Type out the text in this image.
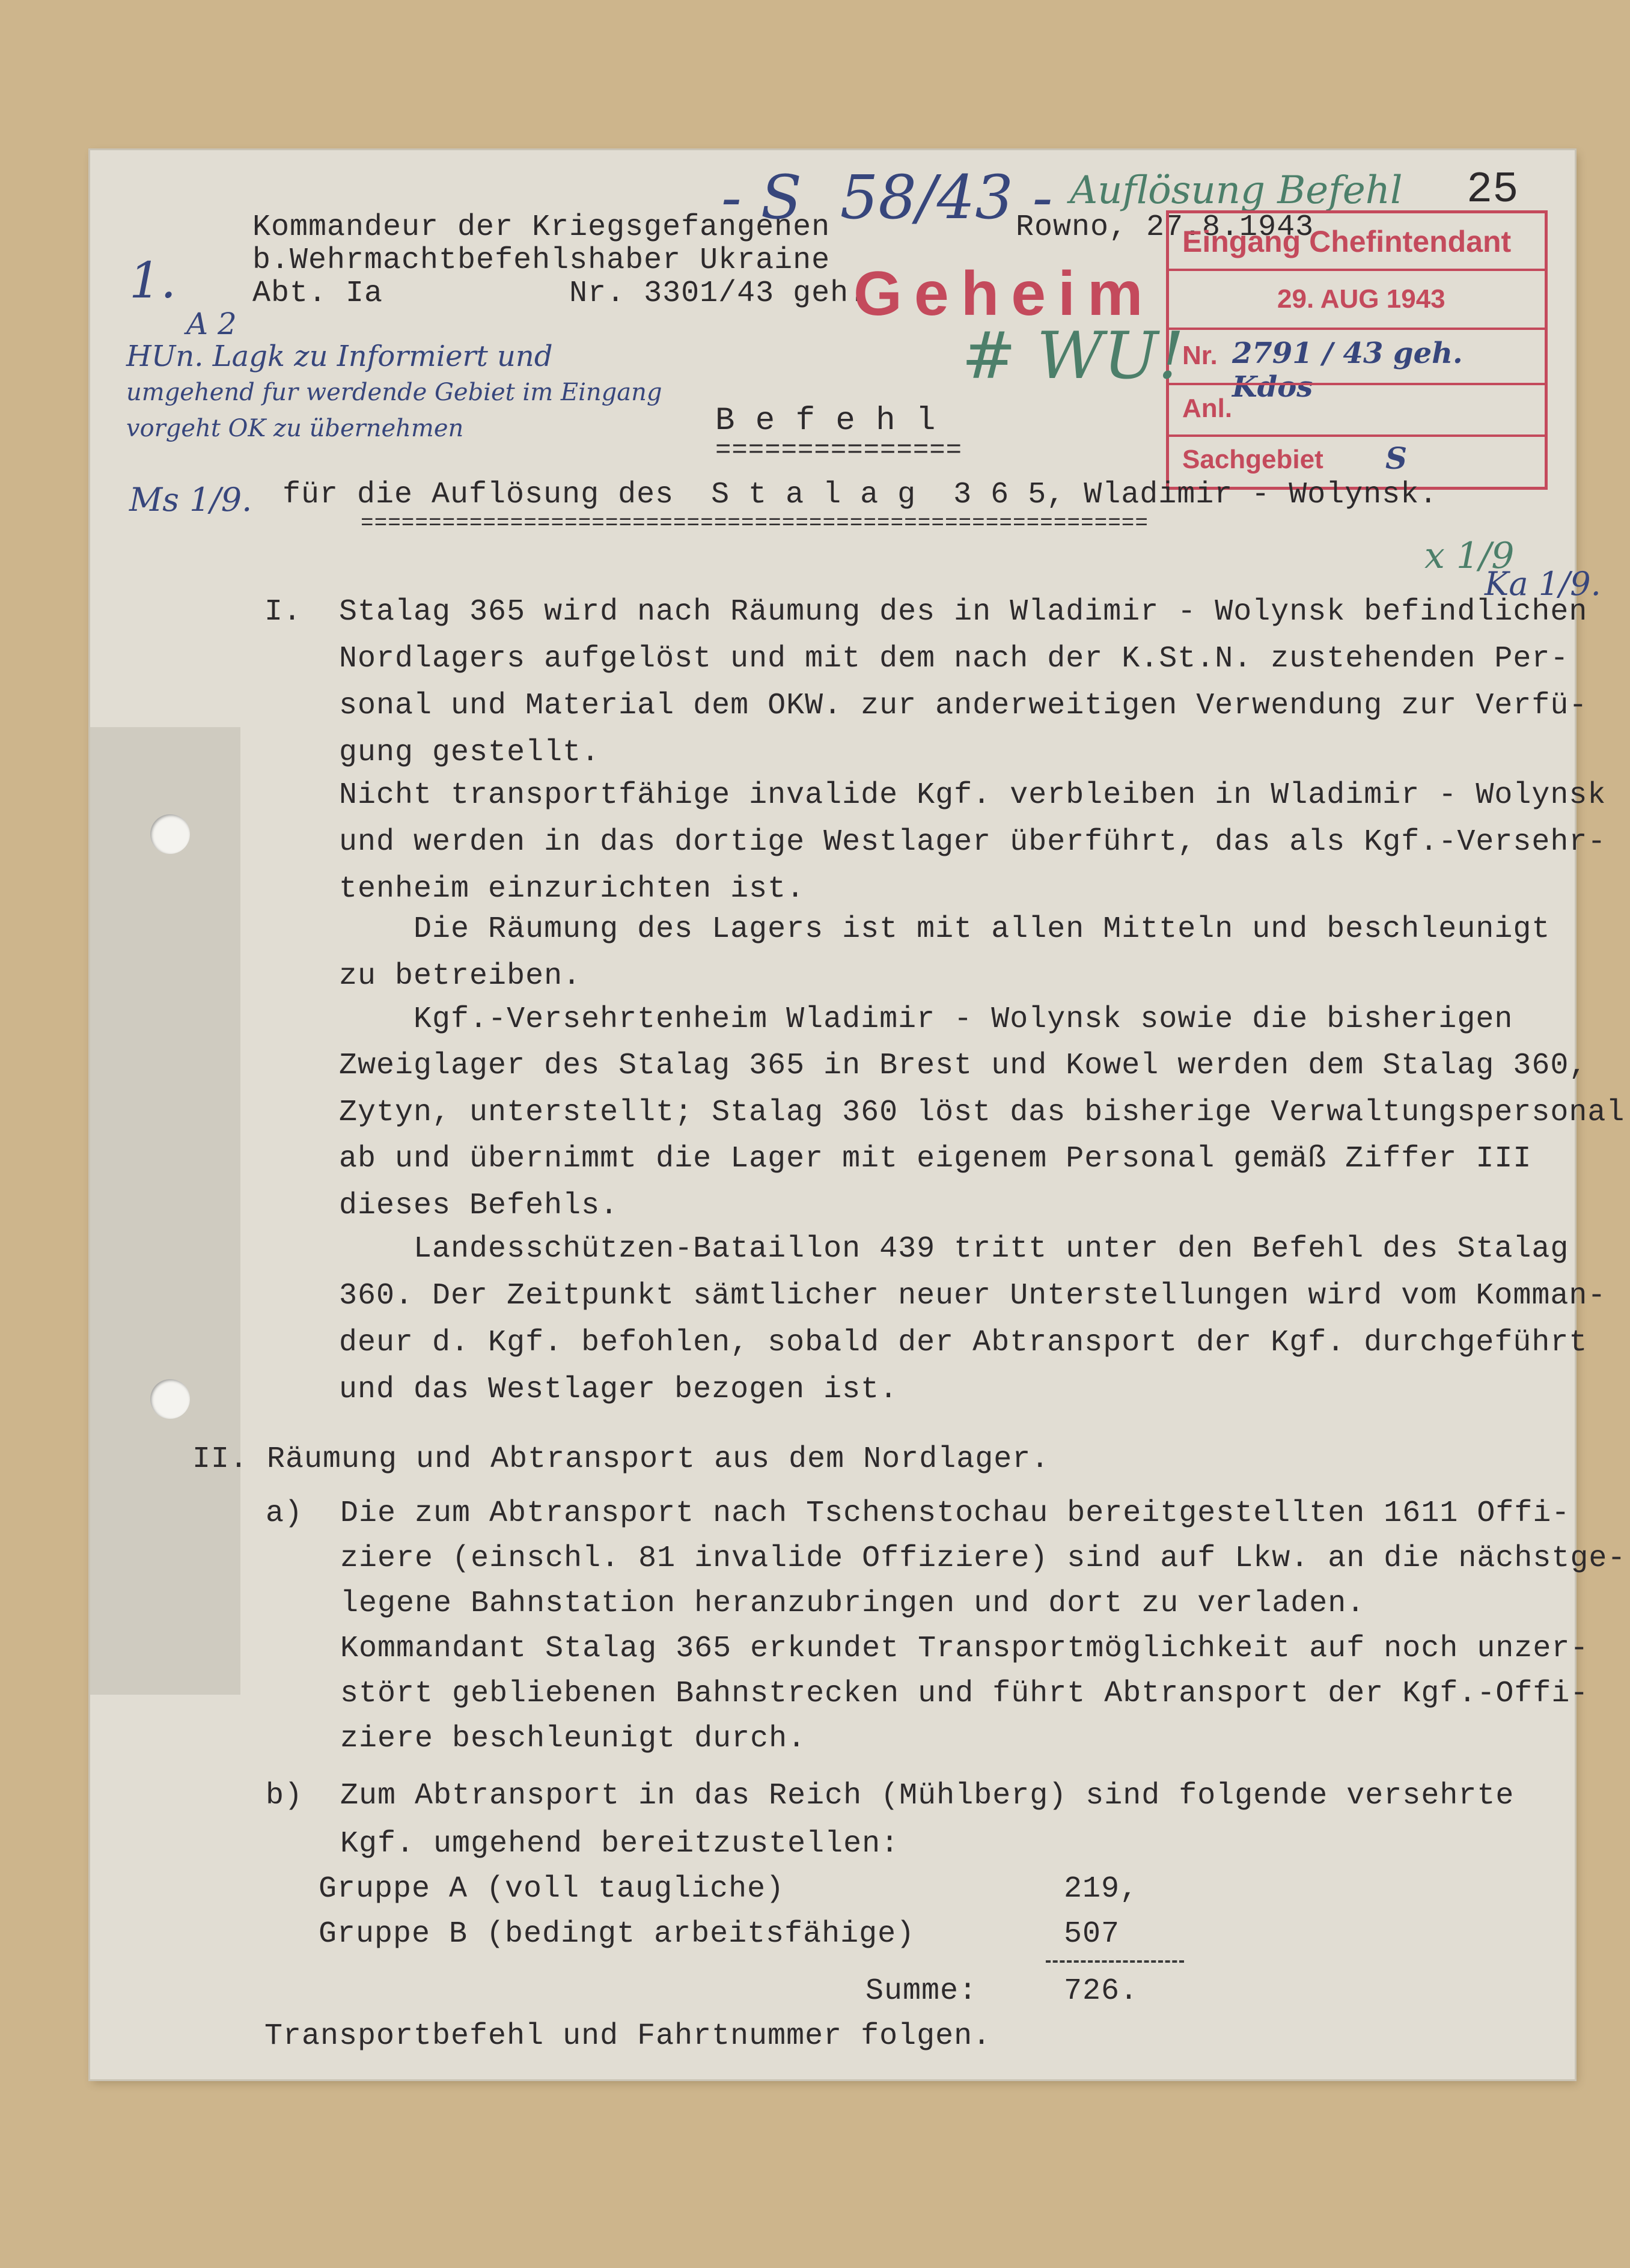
25
- S  58/43 - Auflösung Befehl
Kommandeur der Kriegsgefangenen
b.Wehrmachtbefehlshaber Ukraine
Abt. Ia          Nr. 3301/43 geh.
Rowno, 27.8.1943
1.	Geheim
Eingang Chefintendant
29. AUG 1943
Nr. 2791 / 43 geh. Kdos
Anl.
Sachgebiet S
A 2
HUn. Lagk zu Informiert und
umgehend fur werdende Gebiet im Eingang
vorgeht OK zu übernehmen
Ms 1/9.
# WU!
x 1/9
Ka 1/9.
B e f e h l
===============
für die Auflösung des  S t a l a g  3 6 5, Wladimir - Wolynsk.
==========================================================
I.  Stalag 365 wird nach Räumung des in Wladimir - Wolynsk befindlichen
Nordlagers aufgelöst und mit dem nach der K.St.N. zustehenden Per-
sonal und Material dem OKW. zur anderweitigen Verwendung zur Verfü-
gung gestellt.
Nicht transportfähige invalide Kgf. verbleiben in Wladimir - Wolynsk
und werden in das dortige Westlager überführt, das als Kgf.-Versehr-
tenheim einzurichten ist.
Die Räumung des Lagers ist mit allen Mitteln und beschleunigt
zu betreiben.
Kgf.-Versehrtenheim Wladimir - Wolynsk sowie die bisherigen
Zweiglager des Stalag 365 in Brest und Kowel werden dem Stalag 360,
Zytyn, unterstellt; Stalag 360 löst das bisherige Verwaltungspersonal
ab und übernimmt die Lager mit eigenem Personal gemäß Ziffer III
dieses Befehls.
Landesschützen-Bataillon 439 tritt unter den Befehl des Stalag
360. Der Zeitpunkt sämtlicher neuer Unterstellungen wird vom Komman-
deur d. Kgf. befohlen, sobald der Abtransport der Kgf. durchgeführt
und das Westlager bezogen ist.
II. Räumung und Abtransport aus dem Nordlager.
a)  Die zum Abtransport nach Tschenstochau bereitgestellten 1611 Offi-
ziere (einschl. 81 invalide Offiziere) sind auf Lkw. an die nächstge-
legene Bahnstation heranzubringen und dort zu verladen.
Kommandant Stalag 365 erkundet Transportmöglichkeit auf noch unzer-
stört gebliebenen Bahnstrecken und führt Abtransport der Kgf.-Offi-
ziere beschleunigt durch.
b)  Zum Abtransport in das Reich (Mühlberg) sind folgende versehrte
Kgf. umgehend bereitzustellen:
Gruppe A (voll taugliche)	219,
Gruppe B (bedingt arbeitsfähige)	507
Summe:	726.
Transportbefehl und Fahrtnummer folgen.
